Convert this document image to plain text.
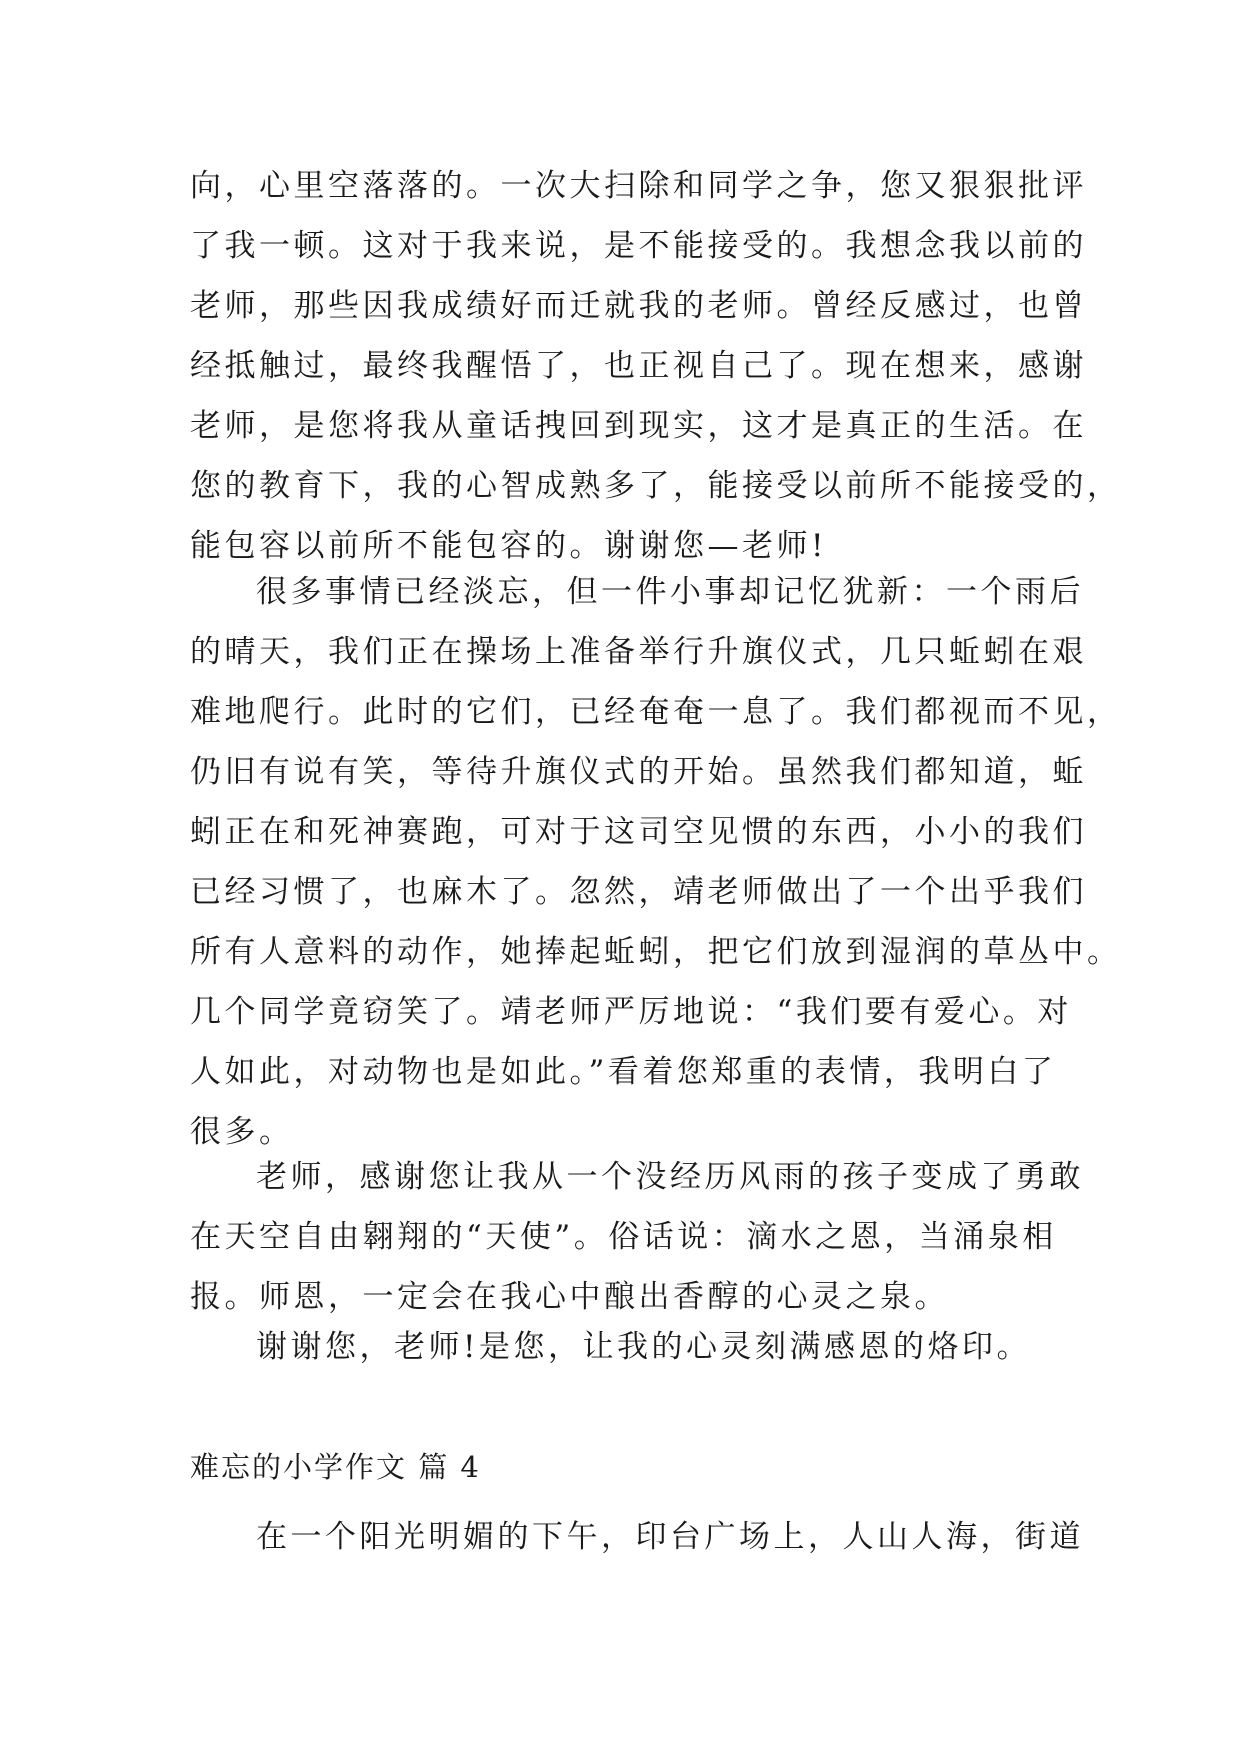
向，心里空落落的。一次大扫除和同学之争，您又狠狠批评
了我一顿。这对于我来说，是不能接受的。我想念我以前的
老师，那些因我成绩好而迁就我的老师。曾经反感过，也曾
经抵触过，最终我醒悟了，也正视自己了。现在想来，感谢
老师，是您将我从童话拽回到现实，这才是真正的生活。在
您的教育下，我的心智成熟多了，能接受以前所不能接受的，
能包容以前所不能包容的。谢谢您—老师!
很多事情已经淡忘，但一件小事却记忆犹新：一个雨后
的晴天，我们正在操场上准备举行升旗仪式，几只蚯蚓在艰
难地爬行。此时的它们，已经奄奄一息了。我们都视而不见，
仍旧有说有笑，等待升旗仪式的开始。虽然我们都知道，蚯
蚓正在和死神赛跑，可对于这司空见惯的东西，小小的我们
已经习惯了，也麻木了。忽然，靖老师做出了一个出乎我们
所有人意料的动作，她捧起蚯蚓，把它们放到湿润的草丛中。
几个同学竟窃笑了。靖老师严厉地说：“我们要有爱心。对
人如此，对动物也是如此。”看着您郑重的表情，我明白了
很多。
老师，感谢您让我从一个没经历风雨的孩子变成了勇敢
在天空自由翱翔的“天使”。俗话说：滴水之恩，当涌泉相
报。师恩，一定会在我心中酿出香醇的心灵之泉。
谢谢您，老师!是您，让我的心灵刻满感恩的烙印。
难忘的小学作文 篇 4
在一个阳光明媚的下午，印台广场上，人山人海，街道
